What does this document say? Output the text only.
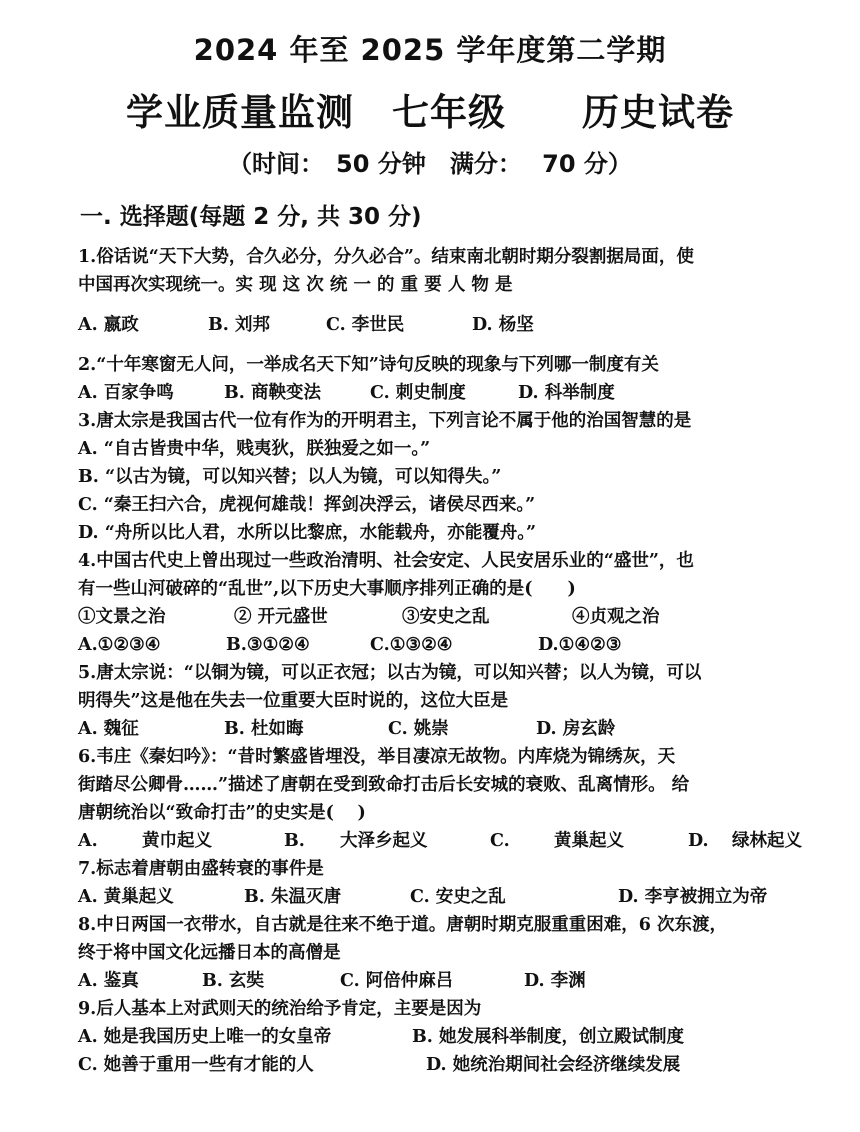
2024 年至 2025 学年度第二学期
学业质量监测　七年级　　历史试卷
（时间：　50 分钟　满分：　 70 分）
一. 选择题(每题 2 分, 共 30 分)
1.俗话说“天下大势，合久必分，分久必合”。结束南北朝时期分裂割据局面，使
中国再次实现统一。实 现 这 次 统 一 的 重 要 人 物 是
A. 嬴政	B. 刘邦	C. 李世民	D. 杨坚
2.“十年寒窗无人问，一举成名天下知”诗句反映的现象与下列哪一制度有关
A. 百家争鸣	B. 商鞅变法	C. 刺史制度	D. 科举制度
3.唐太宗是我国古代一位有作为的开明君主，下列言论不属于他的治国智慧的是
A. “自古皆贵中华，贱夷狄，朕独爱之如一。”
B. “以古为镜，可以知兴替；以人为镜，可以知得失。”
C. “秦王扫六合，虎视何雄哉！挥剑决浮云，诸侯尽西来。”
D. “舟所以比人君，水所以比黎庶，水能载舟，亦能覆舟。”
4.中国古代史上曾出现过一些政治清明、社会安定、人民安居乐业的“盛世”，也
有一些山河破碎的“乱世”,以下历史大事顺序排列正确的是(　　)
①文景之治	② 开元盛世	③安史之乱	④贞观之治
A.①②③④	B.③①②④	C.①③②④	D.①④②③
5.唐太宗说：“以铜为镜，可以正衣冠；以古为镜，可以知兴替；以人为镜，可以
明得失”这是他在失去一位重要大臣时说的，这位大臣是
A. 魏征	B. 杜如晦	C. 姚崇	D. 房玄龄
6.韦庄《秦妇吟》：“昔时繁盛皆埋没，举目凄凉无故物。内库烧为锦绣灰，天
街踏尽公卿骨……”描述了唐朝在受到致命打击后长安城的衰败、乱离情形。 给
唐朝统治以“致命打击”的史实是(　 )
A.	黄巾起义	B.	大泽乡起义	C.	黄巢起义	D.	绿林起义
7.标志着唐朝由盛转衰的事件是
A. 黄巢起义	B. 朱温灭唐	C. 安史之乱	D. 李亨被拥立为帝
8.中日两国一衣带水，自古就是往来不绝于道。唐朝时期克服重重困难，6 次东渡，
终于将中国文化远播日本的高僧是
A. 鉴真	B. 玄奘	C. 阿倍仲麻吕	D. 李渊
9.后人基本上对武则天的统治给予肯定，主要是因为
A. 她是我国历史上唯一的女皇帝	B. 她发展科举制度，创立殿试制度
C. 她善于重用一些有才能的人	D. 她统治期间社会经济继续发展
